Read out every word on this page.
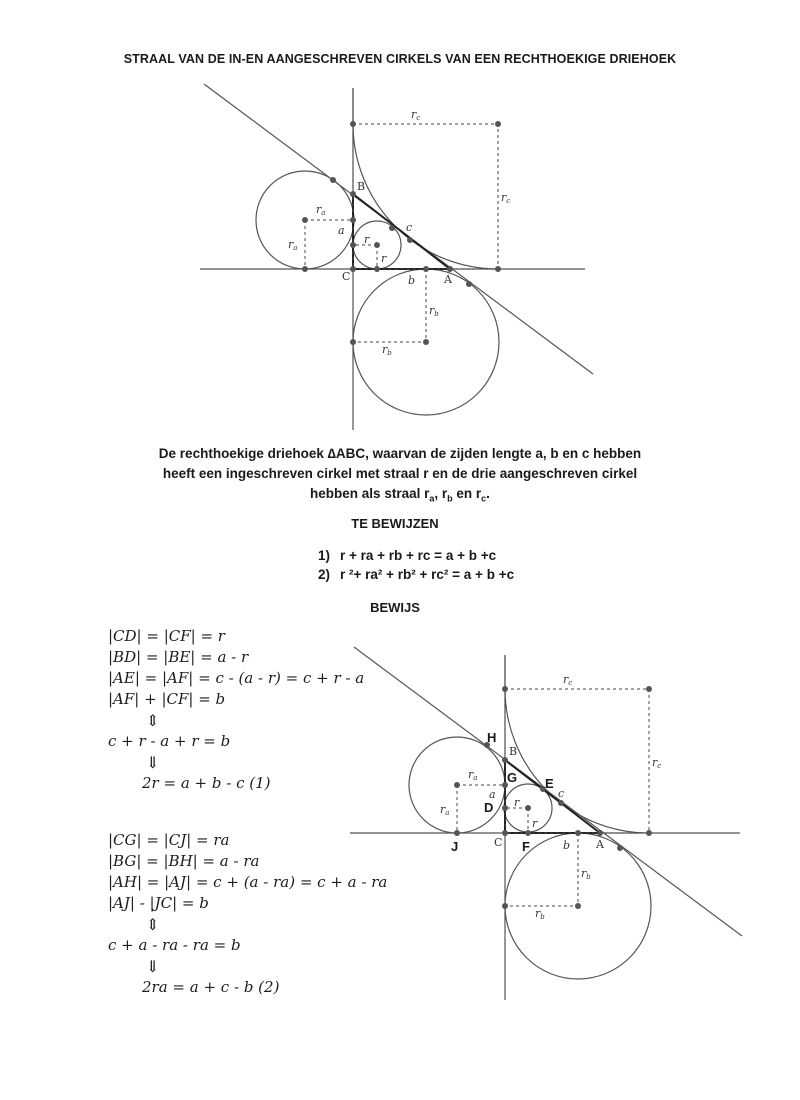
STRAAL VAN DE IN-EN AANGESCHREVEN CIRKELS VAN EEN RECHTHOEKIGE DRIEHOEK
B
C	A
a
b
c
r
r
ra
ra
rb
rb
rc
rc
De rechthoekige driehoek ∆ABC, waarvan de zijden lengte a, b en c hebben
heeft een ingeschreven cirkel met straal r en de drie aangeschreven cirkel
hebben als straal $r_a$, $r_b$ en $r_c$.
TE BEWIJZEN
1) r + ra + rb + rc = a + b +c
2) r ²+ ra² + rb² + rc² = a + b +c
BEWIJS
|CD| = |CF| = r
|BD| = |BE| = a - r
|AE| = |AF| = c - (a - r) = c + r - a
|AF| + |CF| = b
⇕
c + r - a + r = b
⇓
2r = a + b - c (1)
|CG| = |CJ| = ra
|BG| = |BH| = a - ra
|AH| = |AJ| = c + (a - ra) = c + a - ra
|AJ| - |JC| = b
⇕
c + a - ra - ra = b
⇓
2ra = a + c - b (2)
H
G E
D
J	F
B
C	A
a
b
c
r
r
ra
ra
rb
rb
rc
rc
